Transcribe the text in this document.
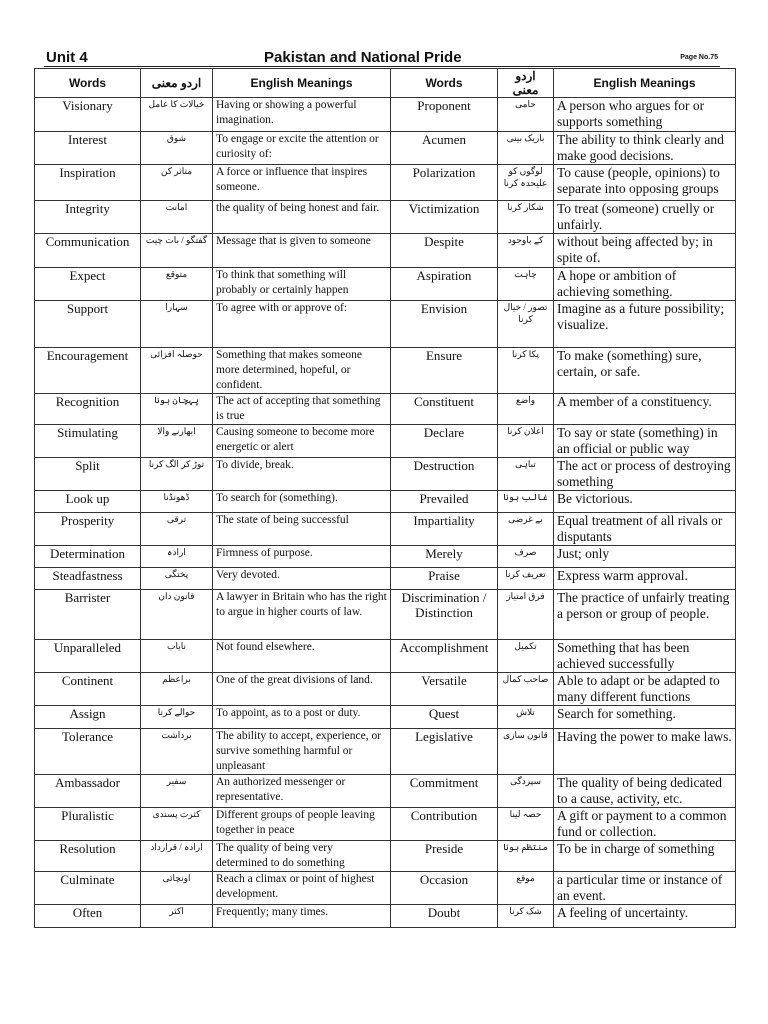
Unit 4	Pakistan and National Pride	Page No.75
Words	اردو معنی	English Meanings	Words	اردو معنی	English Meanings
Visionary	خیالات کا عامل	Having or showing a powerful imagination.	Proponent	حامی	A person who argues for or supports something
Interest	شوق	To engage or excite the attention or curiosity of:	Acumen	باریک بینی	The ability to think clearly and make good decisions.
Inspiration	متاثر کن	A force or influence that inspires someone.	Polarization	لوگوں کو علیحدہ کرنا	To cause (people, opinions) to separate into opposing groups
Integrity	امانت	the quality of being honest and fair.	Victimization	شکار کرنا	To treat (someone) cruelly or unfairly.
Communication	گفتگو / بات چیت	Message that is given to someone	Despite	کے باوجود	without being affected by; in spite of.
Expect	متوقع	To think that something will probably or certainly happen	Aspiration	چاہت	A hope or ambition of achieving something.
Support	سہارا	To agree with or approve of:	Envision	تصور / خیال کرنا	Imagine as a future possibility; visualize.
Encouragement	حوصلہ افزائی	Something that makes someone more determined, hopeful, or confident.	Ensure	پکا کرنا	To make (something) sure, certain, or safe.
Recognition	پہچان ہونا	The act of accepting that something is true	Constituent	واضع	A member of a constituency.
Stimulating	ابھارنے والا	Causing someone to become more energetic or alert	Declare	اعلان کرنا	To say or state (something) in an official or public way
Split	توڑ کر الگ کرنا	To divide, break.	Destruction	تباہی	The act or process of destroying something
Look up	ڈھونڈنا	To search for (something).	Prevailed	غالب ہونا	Be victorious.
Prosperity	ترقی	The state of being successful	Impartiality	بے غرضی	Equal treatment of all rivals or disputants
Determination	ارادہ	Firmness of purpose.	Merely	صرف	Just; only
Steadfastness	پختگی	Very devoted.	Praise	تعریف کرنا	Express warm approval.
Barrister	قانون دان	A lawyer in Britain who has the right to argue in higher courts of law.	Discrimination / Distinction	فرق امتیاز	The practice of unfairly treating a person or group of people.
Unparalleled	نایاب	Not found elsewhere.	Accomplishment	تکمیل	Something that has been achieved successfully
Continent	براعظم	One of the great divisions of land.	Versatile	صاحب کمال	Able to adapt or be adapted to many different functions
Assign	حوالے کرنا	To appoint, as to a post or duty.	Quest	تلاش	Search for something.
Tolerance	برداشت	The ability to accept, experience, or survive something harmful or unpleasant	Legislative	قانون سازی	Having the power to make laws.
Ambassador	سفیر	An authorized messenger or representative.	Commitment	سپردگی	The quality of being dedicated to a cause, activity, etc.
Pluralistic	کثرت پسندی	Different groups of people leaving together in peace	Contribution	حصہ لینا	A gift or payment to a common fund or collection.
Resolution	ارادہ / قرارداد	The quality of being very determined to do something	Preside	منتظم ہونا	To be in charge of something
Culminate	اونچائی	Reach a climax or point of highest development.	Occasion	موقع	a particular time or instance of an event.
Often	اکثر	Frequently; many times.	Doubt	شک کرنا	A feeling of uncertainty.
